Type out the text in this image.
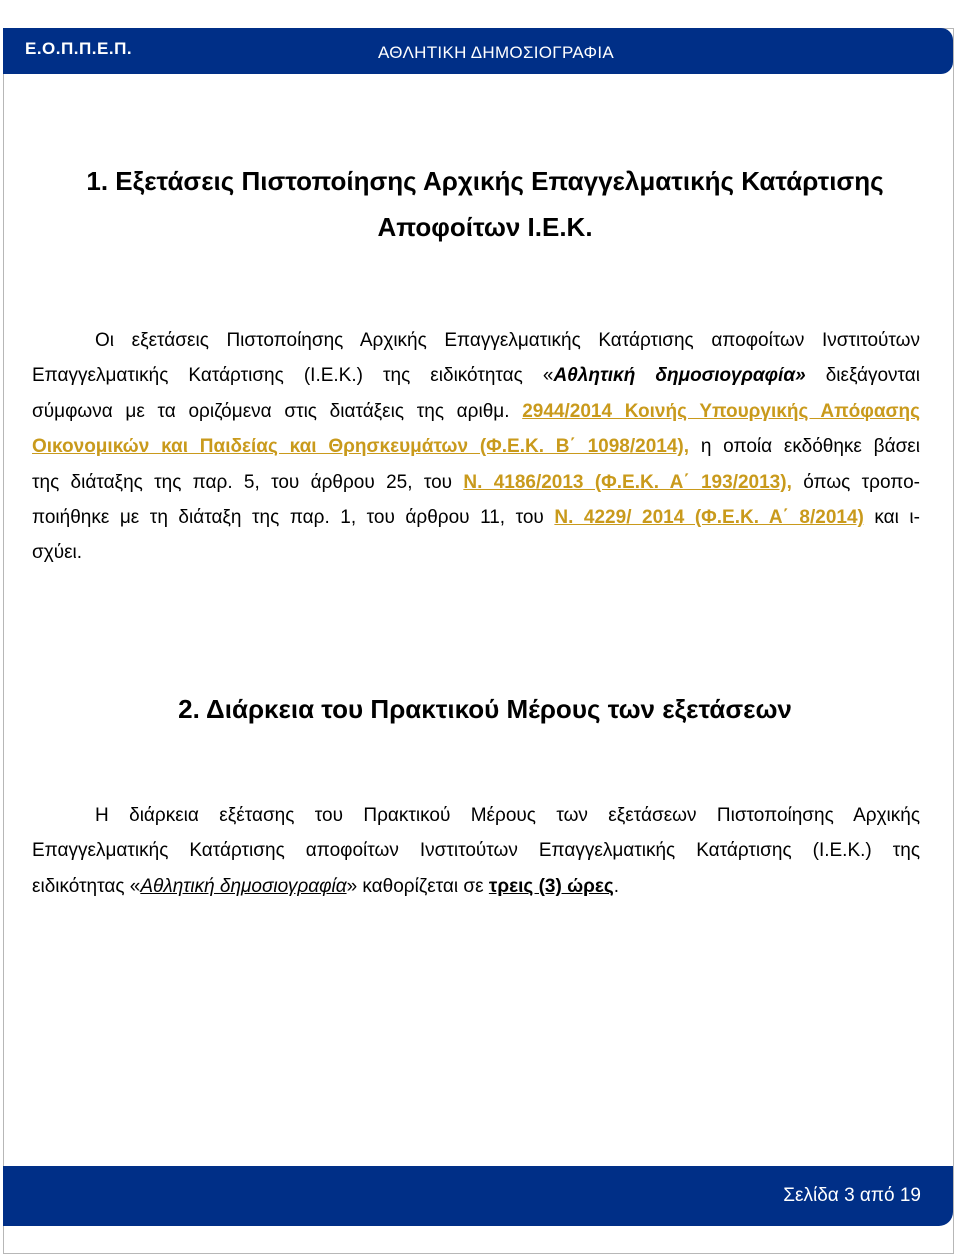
Ε.Ο.Π.Π.Ε.Π.	ΑΘΛΗΤΙΚΗ ΔΗΜΟΣΙΟΓΡΑΦΙΑ
1. Εξετάσεις Πιστοποίησης Αρχικής Επαγγελματικής Κατάρτισης
Αποφοίτων Ι.Ε.Κ.
Οι εξετάσεις Πιστοποίησης Αρχικής Επαγγελματικής Κατάρτισης αποφοίτων Ινστιτούτων
Επαγγελματικής Κατάρτισης (Ι.Ε.Κ.) της ειδικότητας «Αθλητική δημοσιογραφία» διεξάγονται
σύμφωνα με τα οριζόμενα στις διατάξεις της αριθμ. 2944/2014 Κοινής Υπουργικής Απόφασης
Οικονομικών και Παιδείας και Θρησκευμάτων (Φ.Ε.Κ. Β΄ 1098/2014), η οποία εκδόθηκε βάσει
της διάταξης της παρ. 5, του άρθρου 25, του Ν. 4186/2013 (Φ.Ε.Κ. Α΄ 193/2013), όπως τροπο-
ποιήθηκε με τη διάταξη της παρ. 1, του άρθρου 11, του Ν. 4229/ 2014 (Φ.Ε.Κ. Α΄ 8/2014) και ι-
σχύει.
2. Διάρκεια του Πρακτικού Μέρους των εξετάσεων
Η διάρκεια εξέτασης του Πρακτικού Μέρους των εξετάσεων Πιστοποίησης Αρχικής
Επαγγελματικής Κατάρτισης αποφοίτων Ινστιτούτων Επαγγελματικής Κατάρτισης (Ι.Ε.Κ.) της
ειδικότητας «Αθλητική δημοσιογραφία» καθορίζεται σε τρεις (3) ώρες.
Σελίδα 3 από 19
